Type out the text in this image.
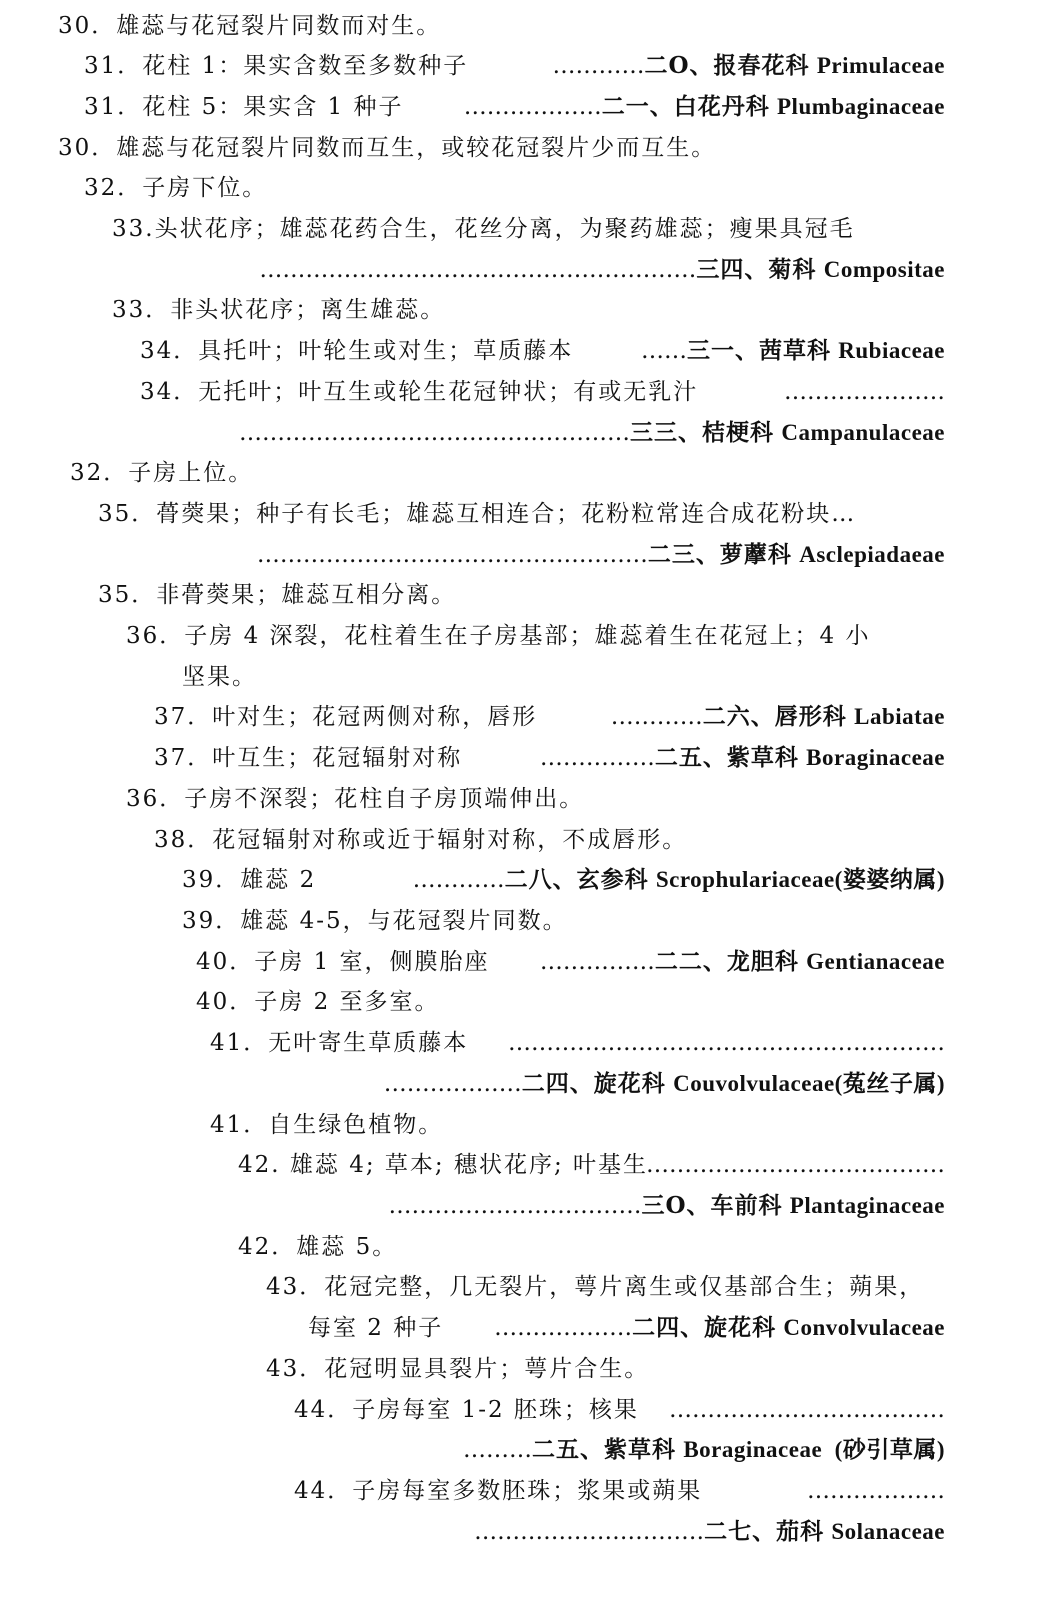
30．雄蕊与花冠裂片同数而对生。
31．花柱 1：果实含数至多数种子	…………二O、报春花科 Primulaceae
31．花柱 5：果实含 1 种子	………………二一、白花丹科 Plumbaginaceae
30．雄蕊与花冠裂片同数而互生，或较花冠裂片少而互生。
32．子房下位。
33.头状花序；雄蕊花药合生，花丝分离，为聚药雄蕊；瘦果具冠毛
…………………………………………………三四、菊科 Compositae
33．非头状花序；离生雄蕊。
34．具托叶；叶轮生或对生；草质藤本	……三一、茜草科 Rubiaceae
34．无托叶；叶互生或轮生花冠钟状；有或无乳汁	…………………
……………………………………………三三、桔梗科 Campanulaceae
32．子房上位。
35．蓇葖果；种子有长毛；雄蕊互相连合；花粉粒常连合成花粉块…
……………………………………………二三、萝藦科 Asclepiadaeae
35．非蓇葖果；雄蕊互相分离。
36．子房 4 深裂，花柱着生在子房基部；雄蕊着生在花冠上；4 小
坚果。
37．叶对生；花冠两侧对称，唇形	…………二六、唇形科 Labiatae
37．叶互生；花冠辐射对称	……………二五、紫草科 Boraginaceae
36．子房不深裂；花柱自子房顶端伸出。
38．花冠辐射对称或近于辐射对称，不成唇形。
39．雄蕊 2	…………二八、玄参科 Scrophulariaceae(婆婆纳属)
39．雄蕊 4-5，与花冠裂片同数。
40．子房 1 室，侧膜胎座 ……………二二、龙胆科 Gentianaceae
40．子房 2 至多室。
41．无叶寄生草质藤本 …………………………………………………
………………二四、旋花科 Couvolvulaceae(菟丝子属)
41．自生绿色植物。
42. 雄蕊 4; 草本; 穗状花序; 叶基生
…………………………………
……………………………三O、车前科 Plantaginaceae
42．雄蕊 5。
43．花冠完整，几无裂片，萼片离生或仅基部合生；蒴果，
每室 2 种子 ………………二四、旋花科 Convolvulaceae
43．花冠明显具裂片；萼片合生。
44．子房每室 1-2 胚珠；核果 ………………………………
………二五、紫草科 Boraginaceae  (砂引草属)
44．子房每室多数胚珠；浆果或蒴果	………………
…………………………二七、茄科 Solanaceae
